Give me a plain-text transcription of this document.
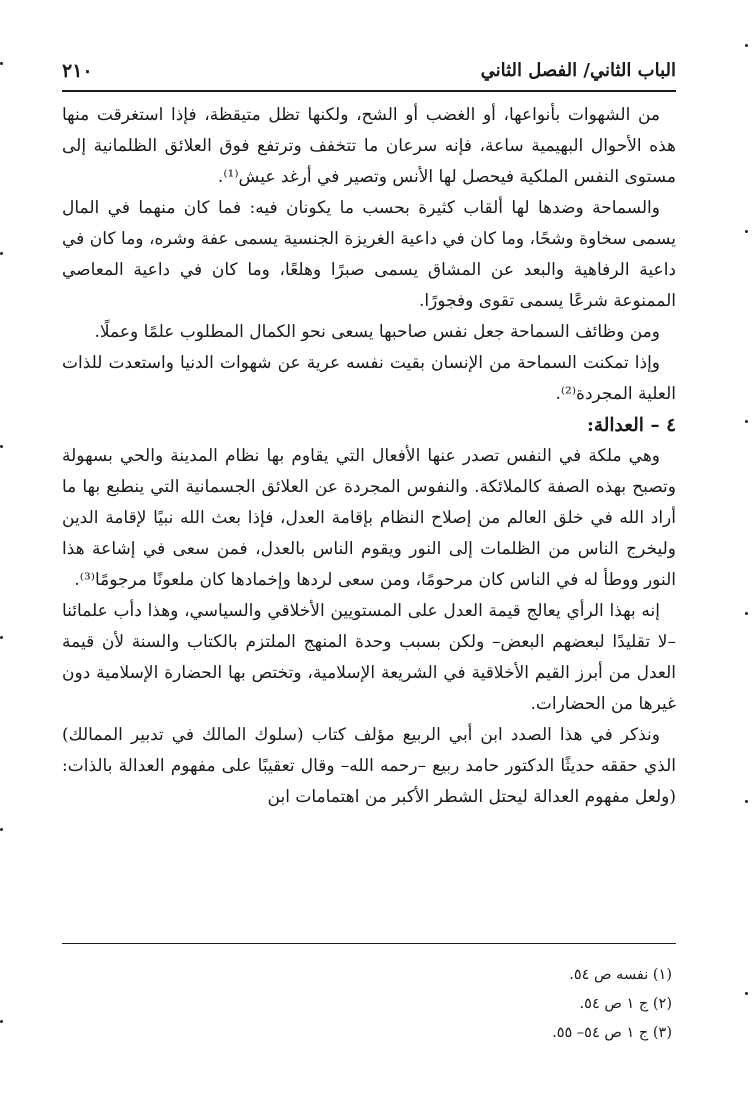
الباب الثاني/ الفصل الثاني
٢١٠

من الشهوات بأنواعها، أو الغضب أو الشح، ولكنها تظل متيقظة، فإذا استغرقت منها هذه الأحوال البهيمية ساعة، فإنه سرعان ما تتخفف وترتفع فوق العلائق الظلمانية إلى مستوى النفس الملكية فيحصل لها الأنس وتصير في أرغد عيش⁽¹⁾.

والسماحة وضدها لها ألقاب كثيرة بحسب ما يكونان فيه: فما كان منهما في المال يسمى سخاوة وشحًا، وما كان في داعية الغريزة الجنسية يسمى عفة وشره، وما كان في داعية الرفاهية والبعد عن المشاق يسمى صبرًا وهلعًا، وما كان في داعية المعاصي الممنوعة شرعًا يسمى تقوى وفجورًا.

ومن وظائف السماحة جعل نفس صاحبها يسعى نحو الكمال المطلوب علمًا وعملًا.

وإذا تمكنت السماحة من الإنسان بقيت نفسه عرية عن شهوات الدنيا واستعدت للذات العلية المجردة⁽²⁾.

٤ – العدالة:

وهي ملكة في النفس تصدر عنها الأفعال التي يقاوم بها نظام المدينة والحي بسهولة وتصبح بهذه الصفة كالملائكة. والنفوس المجردة عن العلائق الجسمانية التي ينطبع بها ما أراد الله في خلق العالم من إصلاح النظام بإقامة العدل، فإذا بعث الله نبيًا لإقامة الدين وليخرج الناس من الظلمات إلى النور ويقوم الناس بالعدل، فمن سعى في إشاعة هذا النور ووطأ له في الناس كان مرحومًا، ومن سعى لردها وإخمادها كان ملعونًا مرجومًا⁽³⁾.

إنه بهذا الرأي يعالج قيمة العدل على المستويين الأخلاقي والسياسي، وهذا دأب علمائنا –لا تقليدًا لبعضهم البعض– ولكن بسبب وحدة المنهج الملتزم بالكتاب والسنة لأن قيمة العدل من أبرز القيم الأخلاقية في الشريعة الإسلامية، وتختص بها الحضارة الإسلامية دون غيرها من الحضارات.

ونذكر في هذا الصدد ابن أبي الربيع مؤلف كتاب (سلوك المالك في تدبير الممالك) الذي حققه حديثًا الدكتور حامد ربيع –رحمه الله– وقال تعقيبًا على مفهوم العدالة بالذات: (ولعل مفهوم العدالة ليحتل الشطر الأكبر من اهتمامات ابن

(١) نفسه ص ٥٤.
(٢) ج ١ ص ٥٤.
(٣) ج ١ ص ٥٤– ٥٥.
